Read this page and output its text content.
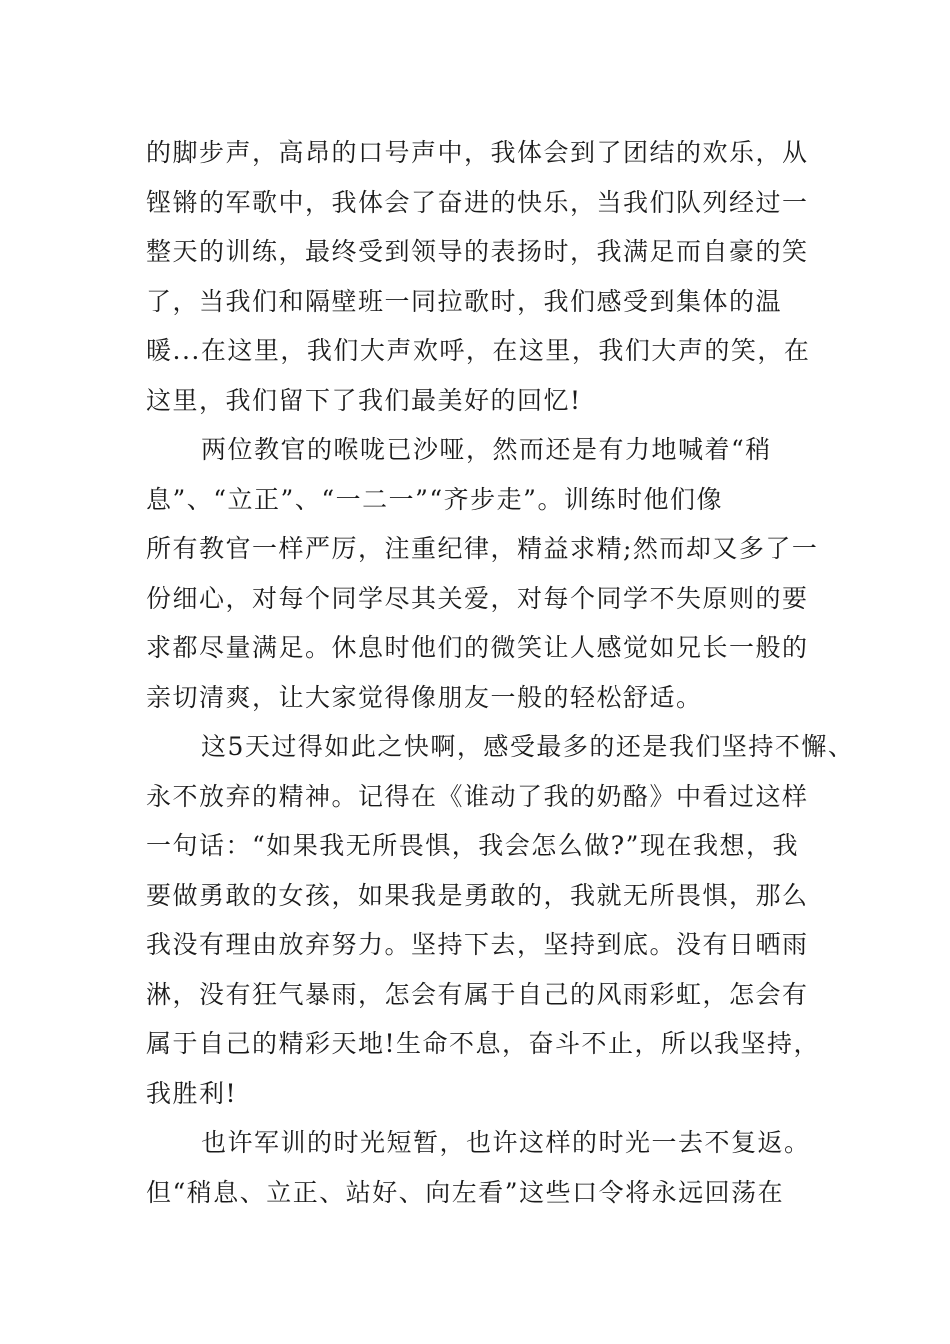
的脚步声，高昂的口号声中，我体会到了团结的欢乐，从
铿锵的军歌中，我体会了奋进的快乐，当我们队列经过一
整天的训练，最终受到领导的表扬时，我满足而自豪的笑
了，当我们和隔壁班一同拉歌时，我们感受到集体的温
暖...在这里，我们大声欢呼，在这里，我们大声的笑，在
这里，我们留下了我们最美好的回忆!
两位教官的喉咙已沙哑，然而还是有力地喊着“稍
息”、“立正”、“一二一”“齐步走”。训练时他们像
所有教官一样严厉，注重纪律，精益求精;然而却又多了一
份细心，对每个同学尽其关爱，对每个同学不失原则的要
求都尽量满足。休息时他们的微笑让人感觉如兄长一般的
亲切清爽，让大家觉得像朋友一般的轻松舒适。
这5天过得如此之快啊，感受最多的还是我们坚持不懈、
永不放弃的精神。记得在《谁动了我的奶酪》中看过这样
一句话：“如果我无所畏惧，我会怎么做?”现在我想，我
要做勇敢的女孩，如果我是勇敢的，我就无所畏惧，那么
我没有理由放弃努力。坚持下去，坚持到底。没有日晒雨
淋，没有狂气暴雨，怎会有属于自己的风雨彩虹，怎会有
属于自己的精彩天地!生命不息，奋斗不止，所以我坚持，
我胜利!
也许军训的时光短暂，也许这样的时光一去不复返。
但“稍息、立正、站好、向左看”这些口令将永远回荡在
